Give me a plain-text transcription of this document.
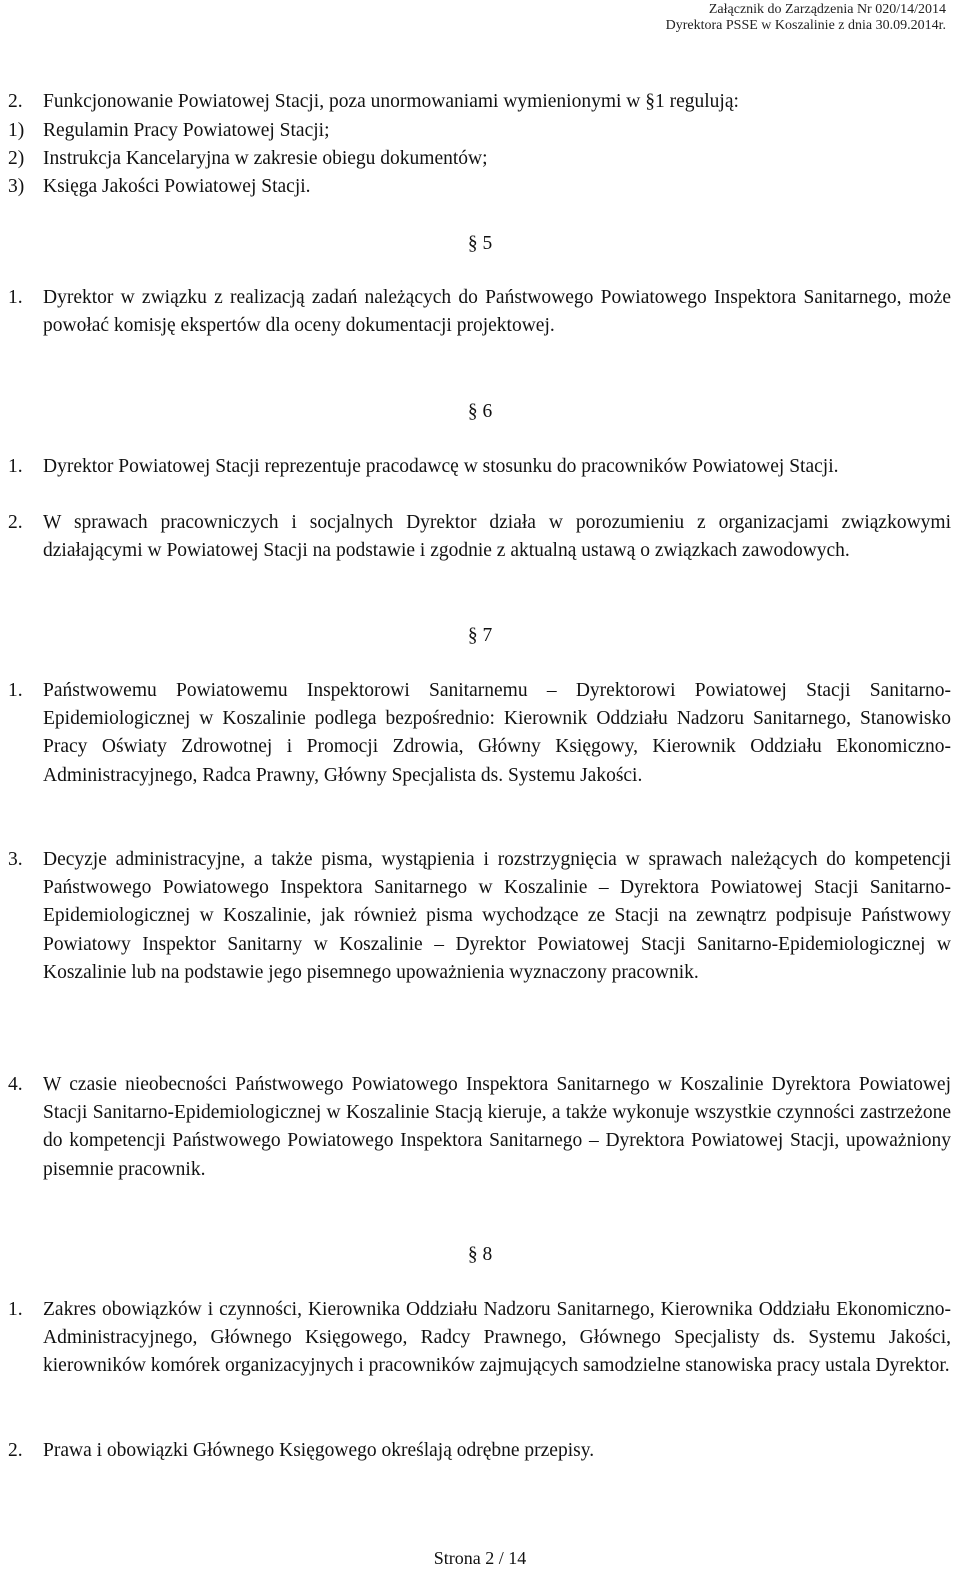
Załącznik do Zarządzenia Nr 020/14/2014
Dyrektora PSSE w Koszalinie z dnia 30.09.2014r.
2. Funkcjonowanie Powiatowej Stacji, poza unormowaniami wymienionymi w §1 regulują:
1) Regulamin Pracy Powiatowej Stacji;
2) Instrukcja Kancelaryjna w zakresie obiegu dokumentów;
3) Księga Jakości Powiatowej Stacji.
§ 5
1. Dyrektor w związku z realizacją zadań należących do Państwowego Powiatowego Inspektora Sanitarnego, może powołać komisję ekspertów dla oceny dokumentacji projektowej.
§ 6
1. Dyrektor Powiatowej Stacji reprezentuje pracodawcę w stosunku do pracowników Powiatowej Stacji.
2. W sprawach pracowniczych i socjalnych Dyrektor działa w porozumieniu z organizacjami związkowymi działającymi w Powiatowej Stacji na podstawie i zgodnie z aktualną ustawą o związkach zawodowych.
§ 7
1. Państwowemu Powiatowemu Inspektorowi Sanitarnemu – Dyrektorowi Powiatowej Stacji Sanitarno-Epidemiologicznej w Koszalinie podlega bezpośrednio: Kierownik Oddziału Nadzoru Sanitarnego, Stanowisko Pracy Oświaty Zdrowotnej i Promocji Zdrowia, Główny Księgowy, Kierownik Oddziału Ekonomiczno-Administracyjnego, Radca Prawny, Główny Specjalista ds. Systemu Jakości.
3. Decyzje administracyjne, a także pisma, wystąpienia i rozstrzygnięcia w sprawach należących do kompetencji Państwowego Powiatowego Inspektora Sanitarnego w Koszalinie – Dyrektora Powiatowej Stacji Sanitarno-Epidemiologicznej w Koszalinie, jak również pisma wychodzące ze Stacji na zewnątrz podpisuje Państwowy Powiatowy Inspektor Sanitarny w Koszalinie – Dyrektor Powiatowej Stacji Sanitarno-Epidemiologicznej w Koszalinie lub na podstawie jego pisemnego upoważnienia wyznaczony pracownik.
4. W czasie nieobecności Państwowego Powiatowego Inspektora Sanitarnego w Koszalinie Dyrektora Powiatowej Stacji Sanitarno-Epidemiologicznej w Koszalinie Stacją kieruje, a także wykonuje wszystkie czynności zastrzeżone do kompetencji Państwowego Powiatowego Inspektora Sanitarnego – Dyrektora Powiatowej Stacji, upoważniony pisemnie pracownik.
§ 8
1. Zakres obowiązków i czynności, Kierownika Oddziału Nadzoru Sanitarnego, Kierownika Oddziału Ekonomiczno-Administracyjnego, Głównego Księgowego, Radcy Prawnego, Głównego Specjalisty ds. Systemu Jakości, kierowników komórek organizacyjnych i pracowników zajmujących samodzielne stanowiska pracy ustala Dyrektor.
2. Prawa i obowiązki Głównego Księgowego określają odrębne przepisy.
Strona 2 / 14
